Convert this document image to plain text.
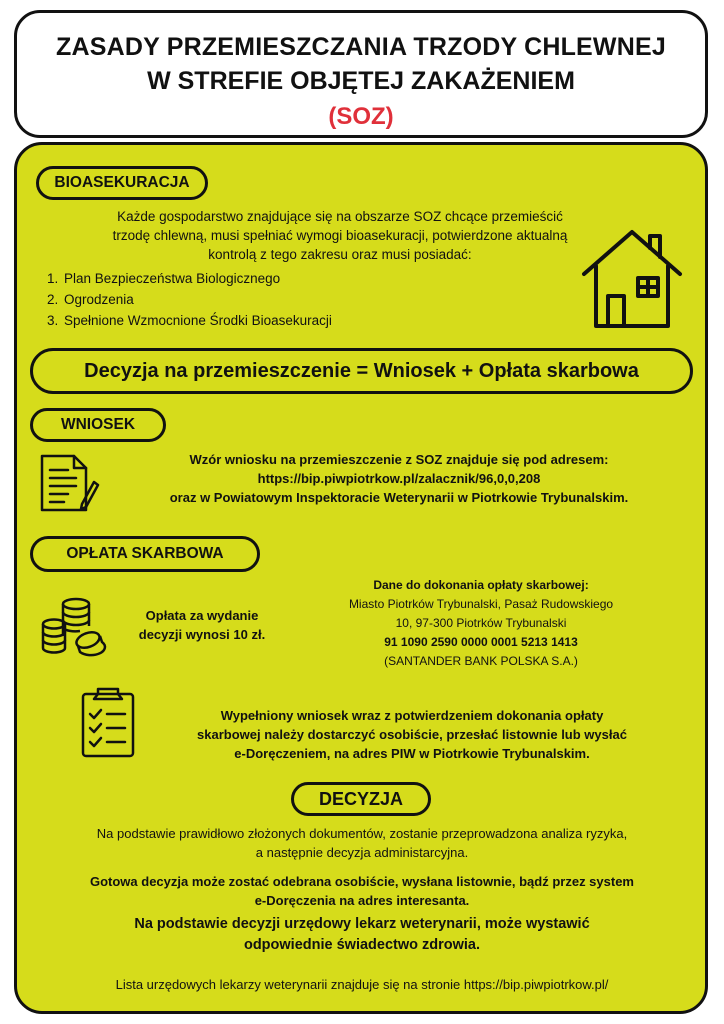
ZASADY PRZEMIESZCZANIA TRZODY CHLEWNEJ
W STREFIE OBJĘTEJ ZAKAŻENIEM
(SOZ)
BIOASEKURACJA
Każde gospodarstwo znajdujące się na obszarze SOZ chcące przemieścić
trzodę chlewną, musi spełniać wymogi bioasekuracji, potwierdzone aktualną
kontrolą z tego zakresu oraz musi posiadać:
1. Plan Bezpieczeństwa Biologicznego
2. Ogrodzenia
3. Spełnione Wzmocnione Środki Bioasekuracji
Decyzja na przemieszczenie = Wniosek + Opłata skarbowa
WNIOSEK
Wzór wniosku na przemieszczenie z SOZ znajduje się pod adresem:
https://bip.piwpiotrkow.pl/zalacznik/96,0,0,208
oraz w Powiatowym Inspektoracie Weterynarii w Piotrkowie Trybunalskim.
OPŁATA SKARBOWA
Opłata za wydanie
decyzji wynosi 10 zł.
Dane do dokonania opłaty skarbowej:
Miasto Piotrków Trybunalski, Pasaż Rudowskiego
10, 97-300 Piotrków Trybunalski
91 1090 2590 0000 0001 5213 1413
(SANTANDER BANK POLSKA S.A.)
Wypełniony wniosek wraz z potwierdzeniem dokonania opłaty
skarbowej należy dostarczyć osobiście, przesłać listownie lub wysłać
e-Doręczeniem, na adres PIW w Piotrkowie Trybunalskim.
DECYZJA
Na podstawie prawidłowo złożonych dokumentów, zostanie przeprowadzona analiza ryzyka,
a następnie decyzja administarcyjna.
Gotowa decyzja może zostać odebrana osobiście, wysłana listownie, bądź przez system
e-Doręczenia na adres interesanta.
Na podstawie decyzji urzędowy lekarz weterynarii, może wystawić
odpowiednie świadectwo zdrowia.
Lista urzędowych lekarzy weterynarii znajduje się na stronie https://bip.piwpiotrkow.pl/
